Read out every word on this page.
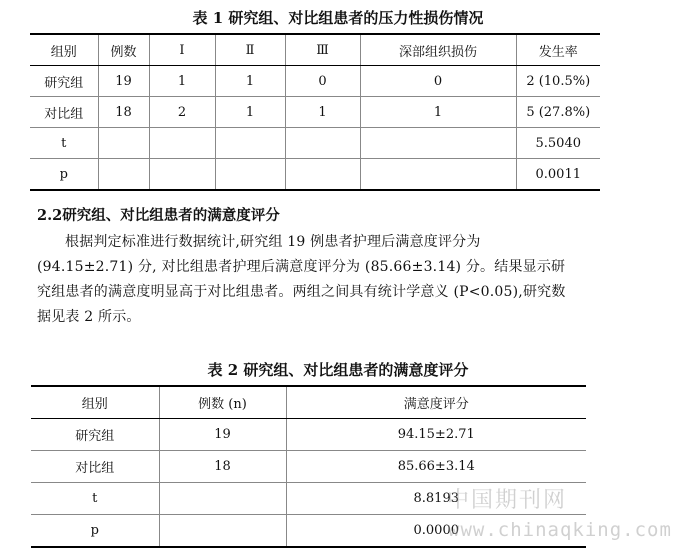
表 1 研究组、对比组患者的压力性损伤情况
组别	例数	Ⅰ	Ⅱ	Ⅲ	深部组织损伤	发生率
研究组	19	1	1	0	0	2 (10.5%)
对比组	18	2	1	1	1	5 (27.8%)
t						5.5040
p						0.0011
2.2研究组、对比组患者的满意度评分
根据判定标准进行数据统计,研究组 19 例患者护理后满意度评分为 (94.15±2.71) 分, 对比组患者护理后满意度评分为 (85.66±3.14) 分。结果显示研究组患者的满意度明显高于对比组患者。两组之间具有统计学意义 (P<0.05),研究数据见表 2 所示。
表 2 研究组、对比组患者的满意度评分
组别	例数 (n)	满意度评分
研究组	19	94.15±2.71
对比组	18	85.66±3.14
t		8.8193
p		0.0000
中国期刊网
www.chinaqking.com
